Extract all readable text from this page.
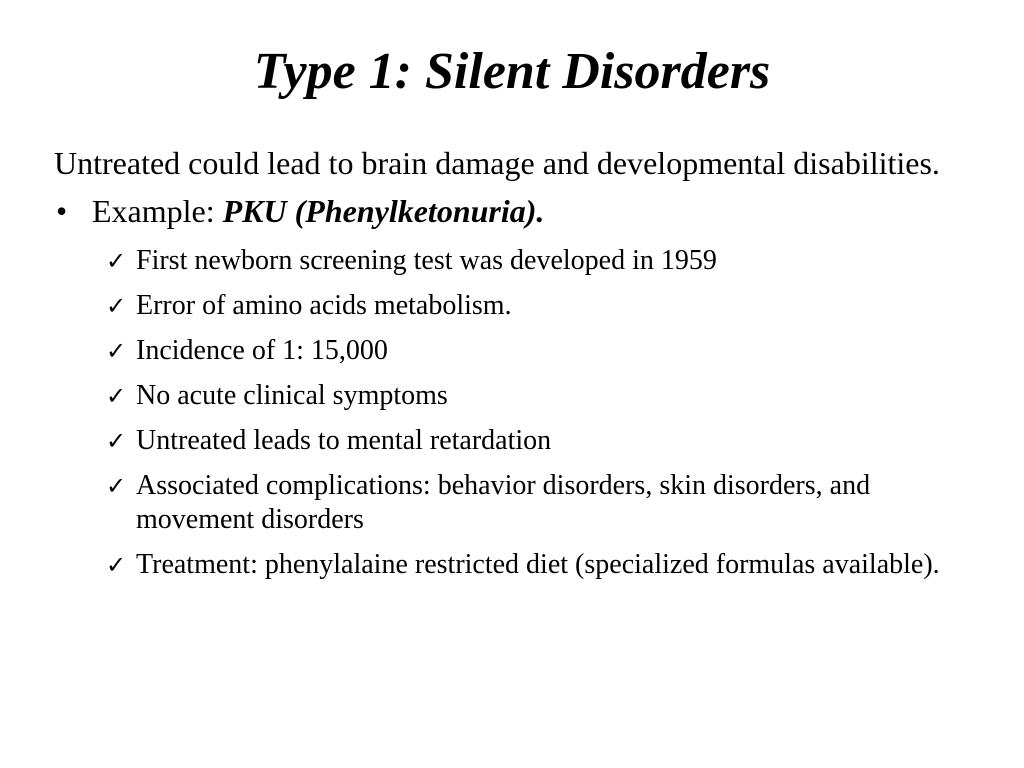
Type 1: Silent Disorders

Untreated could lead to brain damage and developmental disabilities.

• Example: PKU (Phenylketonuria).
✓ First newborn screening test was developed in 1959
✓ Error of amino acids metabolism.
✓ Incidence of 1: 15,000
✓ No acute clinical symptoms
✓ Untreated leads to mental retardation
✓ Associated complications: behavior disorders, skin disorders, and movement disorders
✓ Treatment: phenylalaine restricted diet (specialized formulas available).
